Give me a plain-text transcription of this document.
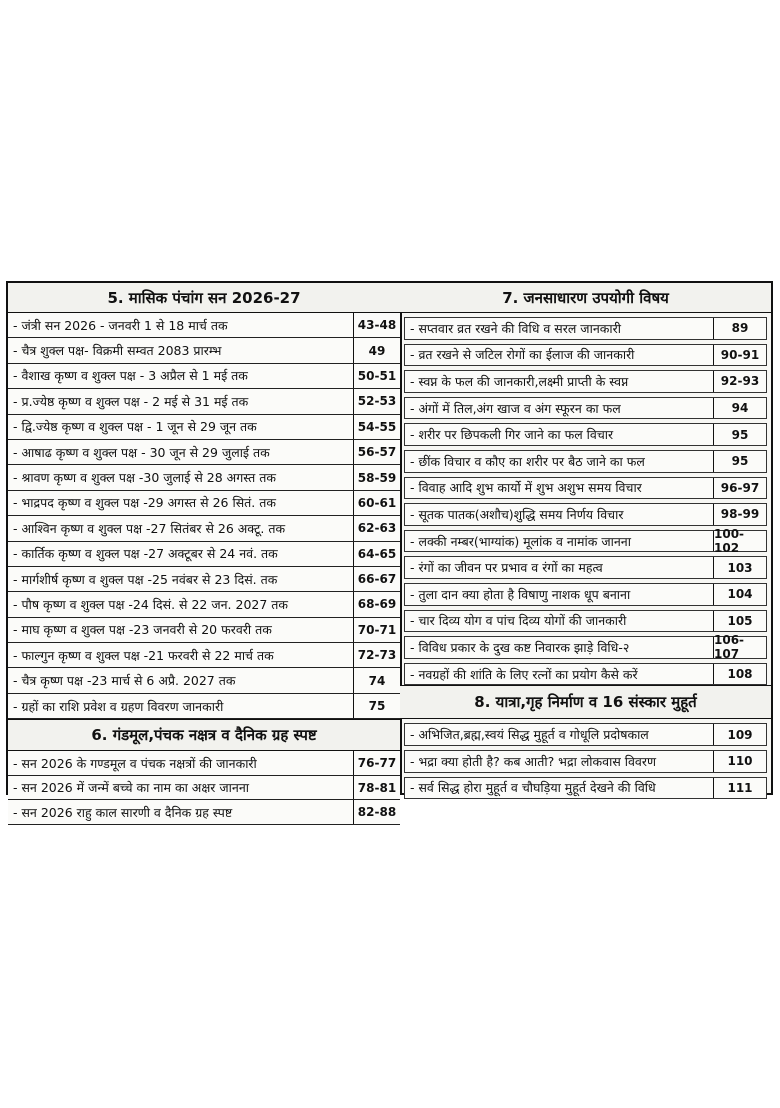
5. मासिक पंचांग सन 2026-27
- जंत्री सन 2026 - जनवरी 1 से 18 मार्च तक	43-48
- चैत्र शुक्ल पक्ष- विक्रमी सम्वत 2083 प्रारम्भ	49
- वैशाख कृष्ण व शुक्ल पक्ष - 3 अप्रैल से 1 मई तक	50-51
- प्र.ज्येष्ठ कृष्ण व शुक्ल पक्ष - 2 मई से 31 मई तक	52-53
- द्वि.ज्येष्ठ कृष्ण व शुक्ल पक्ष - 1 जून से 29 जून तक	54-55
- आषाढ कृष्ण व शुक्ल पक्ष - 30 जून से 29 जुलाई तक	56-57
- श्रावण कृष्ण व शुक्ल पक्ष -30 जुलाई से 28 अगस्त तक	58-59
- भाद्रपद कृष्ण व शुक्ल पक्ष -29 अगस्त से 26 सितं. तक	60-61
- आश्विन कृष्ण व शुक्ल पक्ष -27 सितंबर से 26 अक्टू. तक	62-63
- कार्तिक कृष्ण व शुक्ल पक्ष -27 अक्टूबर से 24 नवं. तक	64-65
- मार्गशीर्ष कृष्ण व शुक्ल पक्ष -25 नवंबर से 23 दिसं. तक	66-67
- पौष कृष्ण व शुक्ल पक्ष -24 दिसं. से 22 जन. 2027 तक	68-69
- माघ कृष्ण व शुक्ल पक्ष -23 जनवरी से 20 फरवरी तक	70-71
- फाल्गुन कृष्ण व शुक्ल पक्ष -21 फरवरी से 22 मार्च तक	72-73
- चैत्र कृष्ण पक्ष -23 मार्च से 6 अप्रै. 2027 तक	74
- ग्रहों का राशि प्रवेश व ग्रहण विवरण जानकारी	75
6. गंडमूल,पंचक नक्षत्र व दैनिक ग्रह स्पष्ट
- सन 2026 के गण्डमूल व पंचक नक्षत्रों की जानकारी	76-77
- सन 2026 में जन्में बच्चे का नाम का अक्षर जानना	78-81
- सन 2026 राहु काल सारणी व दैनिक ग्रह स्पष्ट	82-88
7. जनसाधारण उपयोगी विषय
- सप्तवार व्रत रखने की विधि व सरल जानकारी	89
- व्रत रखने से जटिल रोगों का ईलाज की जानकारी	90-91
- स्वप्न के फल की जानकारी,लक्ष्मी प्राप्ती के स्वप्न	92-93
- अंगों में तिल,अंग खाज व अंग स्फूरन का फल	94
- शरीर पर छिपकली गिर जाने का फल विचार	95
- छींक विचार व कौए का शरीर पर बैठ जाने का फल	95
- विवाह आदि शुभ कार्यो में शुभ अशुभ समय विचार	96-97
- सूतक पातक(अशौच)शुद्धि समय निर्णय विचार	98-99
- लक्की नम्बर(भाग्यांक) मूलांक व नामांक जानना	100-102
- रंगों का जीवन पर प्रभाव व रंगों का महत्व	103
- तुला दान क्या होता है विषाणु नाशक धूप बनाना	104
- चार दिव्य योग व पांच दिव्य योगों की जानकारी	105
- विविध प्रकार के दुख कष्ट निवारक झाड़े विधि-२	106-107
- नवग्रहों की शांति के लिए रत्नों का प्रयोग कैसे करें	108
8. यात्रा,गृह निर्माण व 16 संस्कार मुहूर्त
- अभिजित,ब्रह्म,स्वयं सिद्ध मुहूर्त व गोधूलि प्रदोषकाल	109
- भद्रा क्या होती है? कब आती? भद्रा लोकवास विवरण	110
- सर्व सिद्ध होरा मुहूर्त व चौघड़िया मुहूर्त देखने की विधि	111
